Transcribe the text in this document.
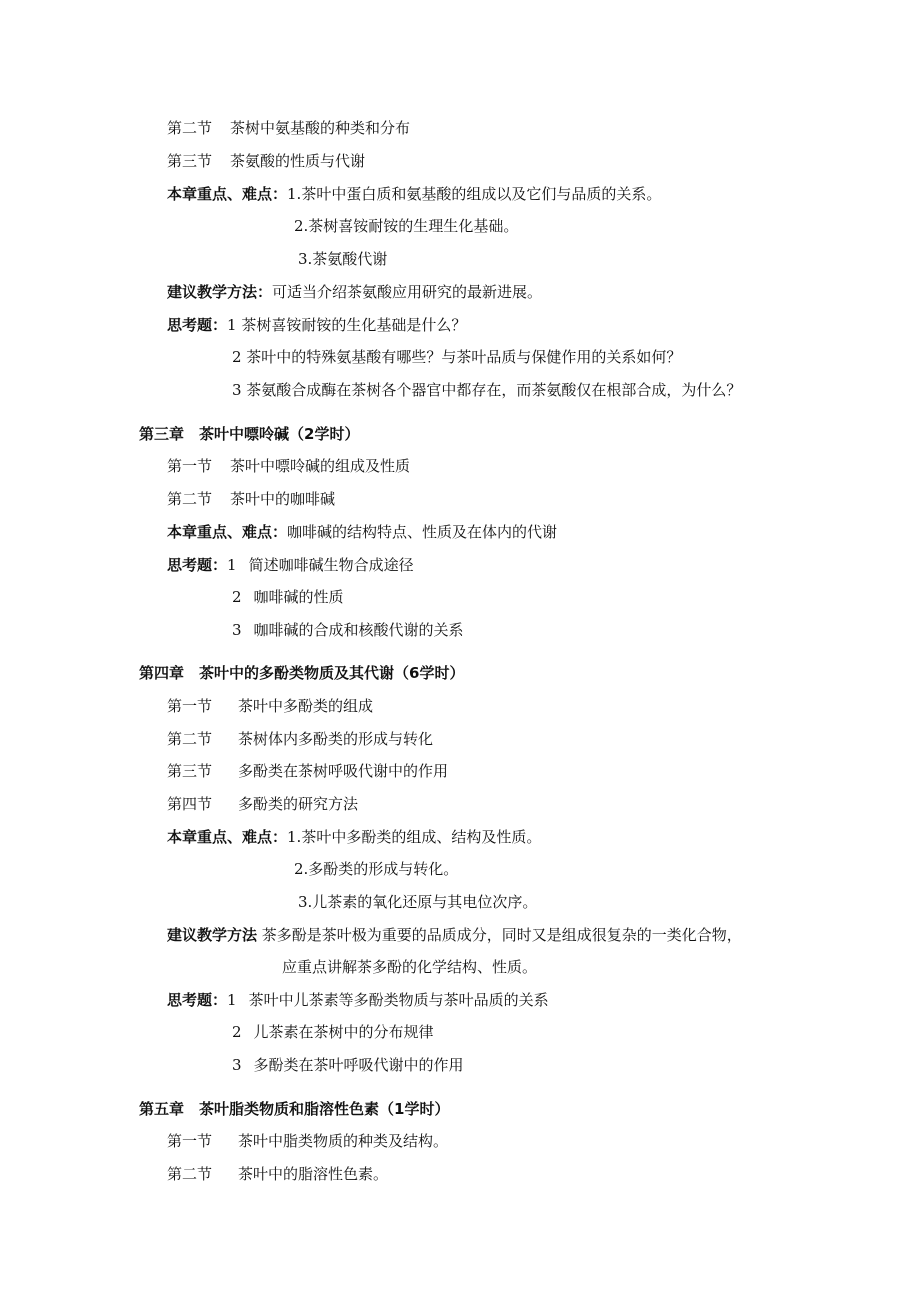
第二节 茶树中氨基酸的种类和分布
第三节 茶氨酸的性质与代谢
本章重点、难点：1.茶叶中蛋白质和氨基酸的组成以及它们与品质的关系。
2.茶树喜铵耐铵的生理生化基础。
3.茶氨酸代谢
建议教学方法：可适当介绍茶氨酸应用研究的最新进展。
思考题：1 茶树喜铵耐铵的生化基础是什么？
2 茶叶中的特殊氨基酸有哪些？与茶叶品质与保健作用的关系如何？
3 茶氨酸合成酶在茶树各个器官中都存在，而茶氨酸仅在根部合成，为什么？
第三章　茶叶中嘌呤碱（2学时）
第一节 茶叶中嘌呤碱的组成及性质
第二节 茶叶中的咖啡碱
本章重点、难点：咖啡碱的结构特点、性质及在体内的代谢
思考题：1 简述咖啡碱生物合成途径
2 咖啡碱的性质
3 咖啡碱的合成和核酸代谢的关系
第四章　茶叶中的多酚类物质及其代谢（6学时）
第一节 茶叶中多酚类的组成
第二节 茶树体内多酚类的形成与转化
第三节 多酚类在茶树呼吸代谢中的作用
第四节 多酚类的研究方法
本章重点、难点：1.茶叶中多酚类的组成、结构及性质。
2.多酚类的形成与转化。
3.儿茶素的氧化还原与其电位次序。
建议教学方法 茶多酚是茶叶极为重要的品质成分，同时又是组成很复杂的一类化合物，
应重点讲解茶多酚的化学结构、性质。
思考题：1 茶叶中儿茶素等多酚类物质与茶叶品质的关系
2 儿茶素在茶树中的分布规律
3 多酚类在茶叶呼吸代谢中的作用
第五章　茶叶脂类物质和脂溶性色素（1学时）
第一节 茶叶中脂类物质的种类及结构。
第二节 茶叶中的脂溶性色素。
